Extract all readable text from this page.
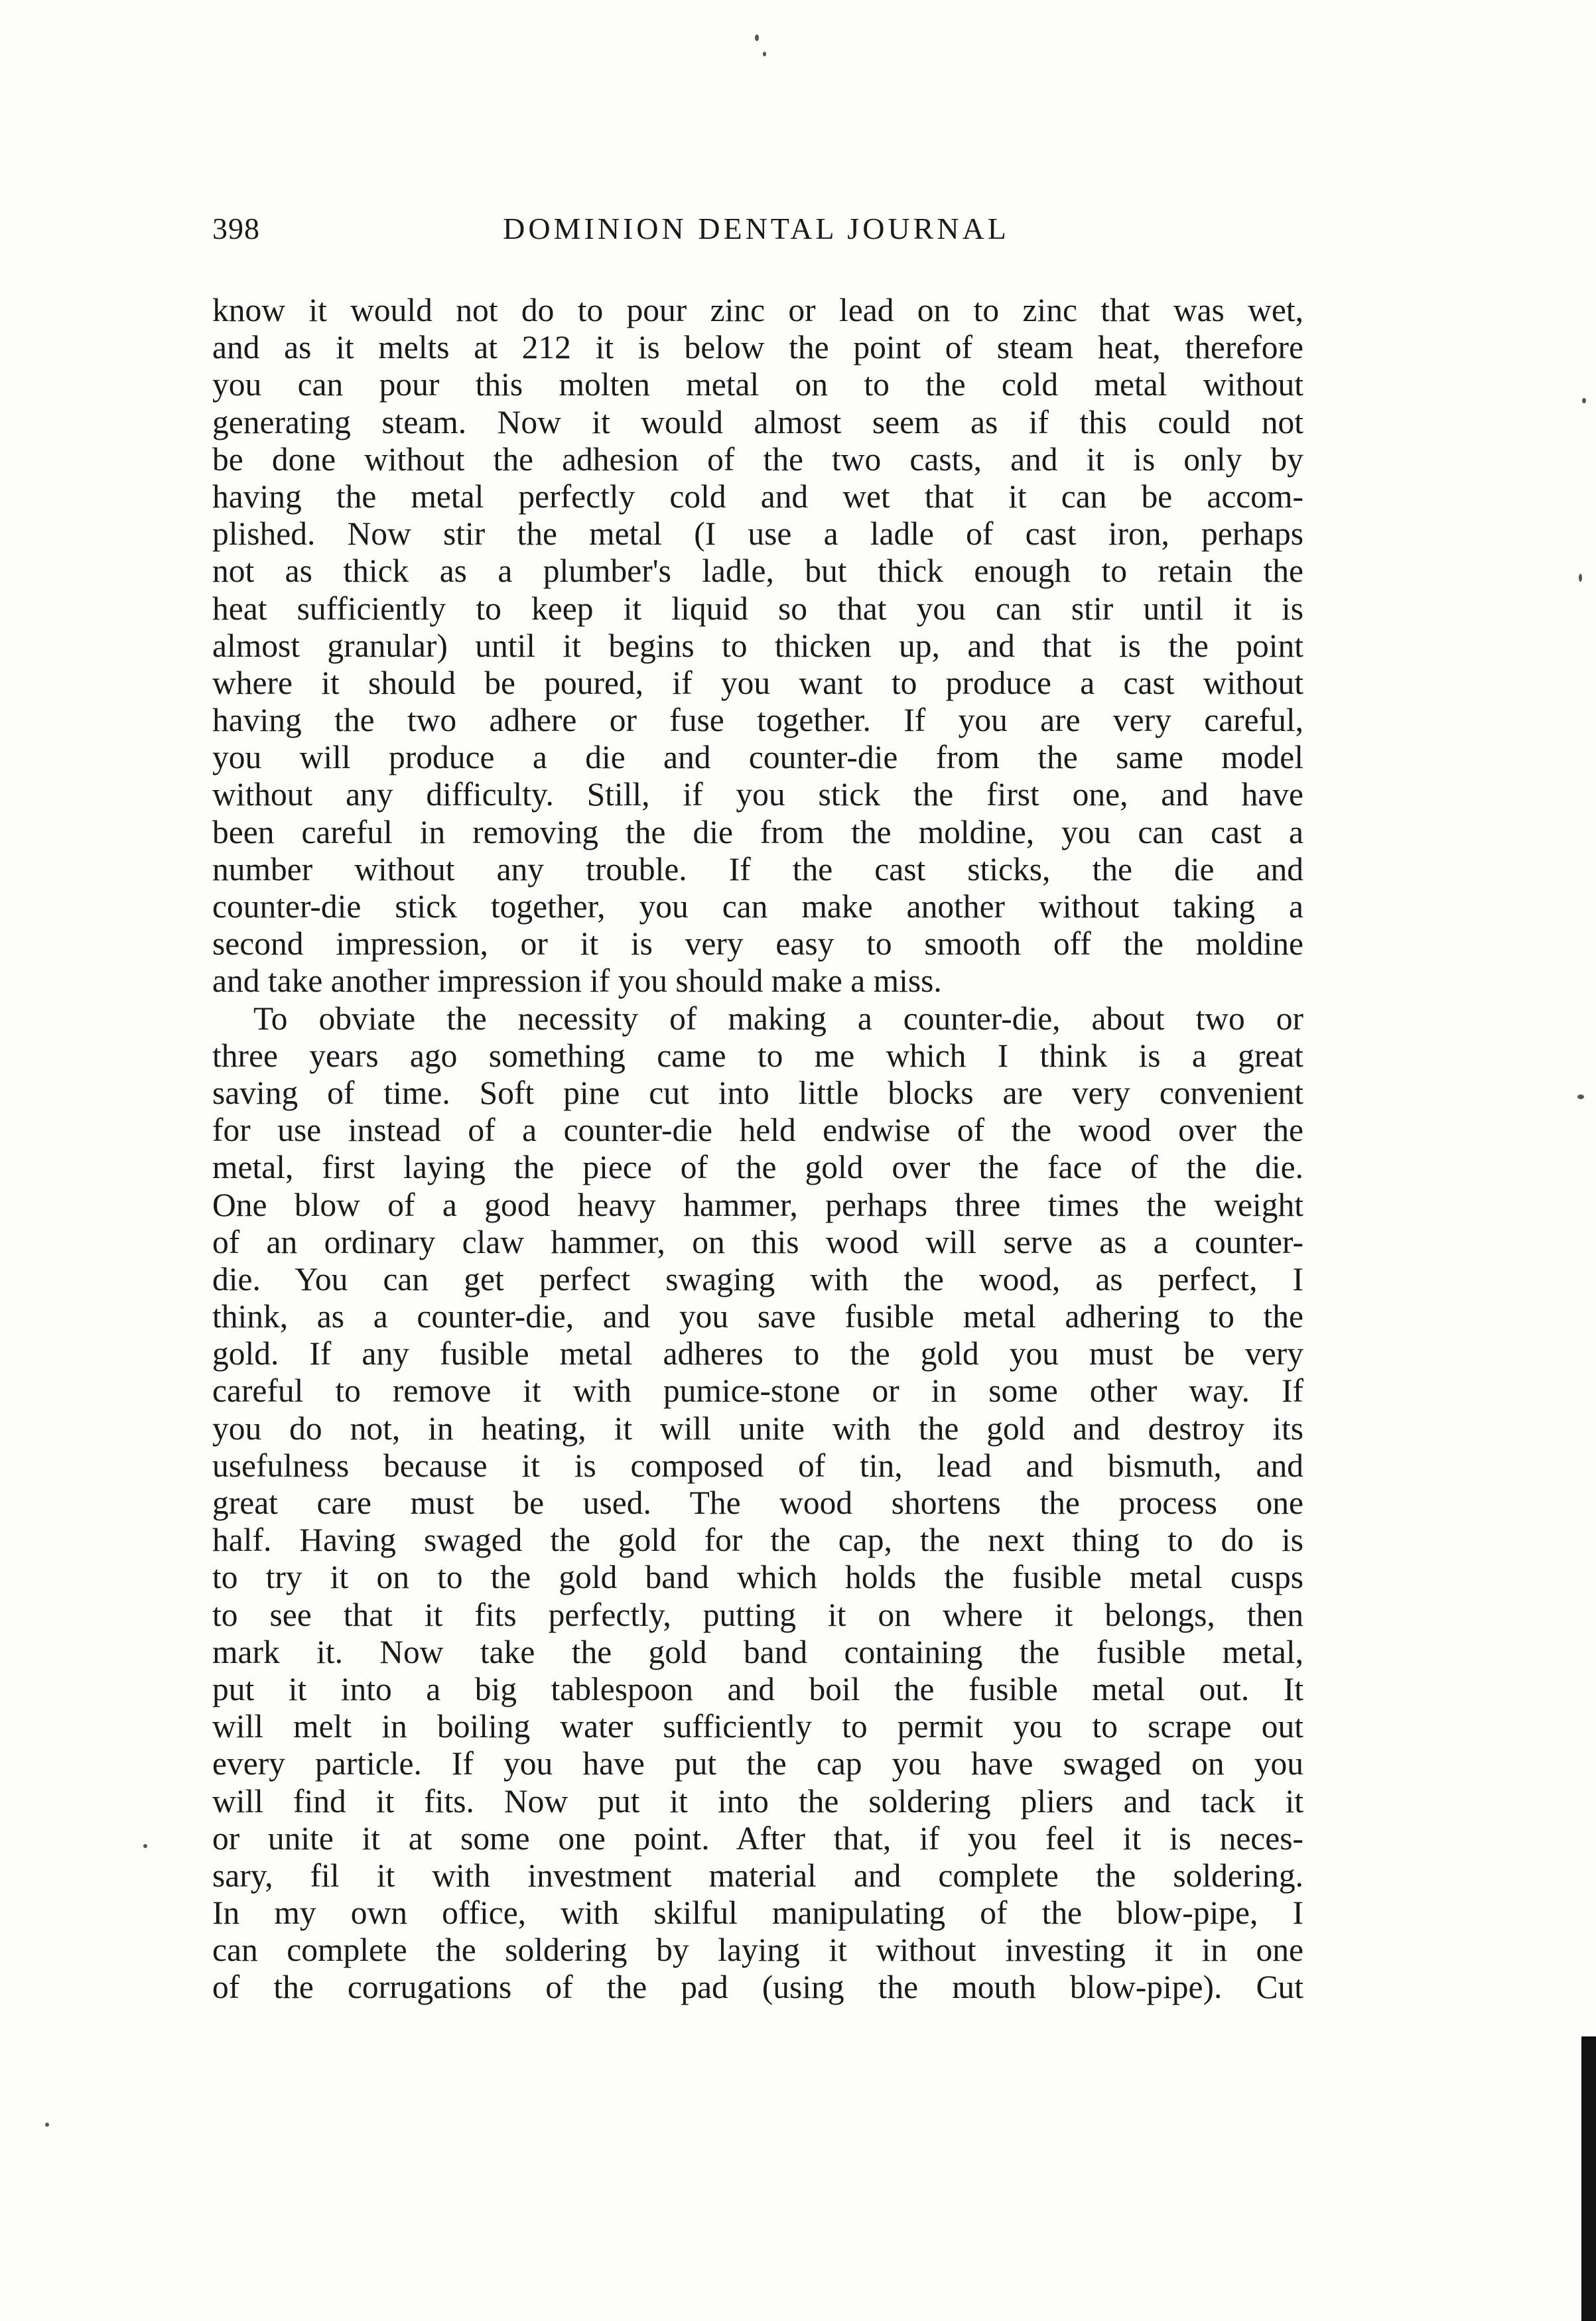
398	DOMINION DENTAL JOURNAL
know it would not do to pour zinc or lead on to zinc that was wet,
and as it melts at 212 it is below the point of steam heat, therefore
you can pour this molten metal on to the cold metal without
generating steam. Now it would almost seem as if this could not
be done without the adhesion of the two casts, and it is only by
having the metal perfectly cold and wet that it can be accom-
plished. Now stir the metal (I use a ladle of cast iron, perhaps
not as thick as a plumber's ladle, but thick enough to retain the
heat sufficiently to keep it liquid so that you can stir until it is
almost granular) until it begins to thicken up, and that is the point
where it should be poured, if you want to produce a cast without
having the two adhere or fuse together. If you are very careful,
you will produce a die and counter-die from the same model
without any difficulty. Still, if you stick the first one, and have
been careful in removing the die from the moldine, you can cast a
number without any trouble. If the cast sticks, the die and
counter-die stick together, you can make another without taking a
second impression, or it is very easy to smooth off the moldine
and take another impression if you should make a miss.
To obviate the necessity of making a counter-die, about two or
three years ago something came to me which I think is a great
saving of time. Soft pine cut into little blocks are very convenient
for use instead of a counter-die held endwise of the wood over the
metal, first laying the piece of the gold over the face of the die.
One blow of a good heavy hammer, perhaps three times the weight
of an ordinary claw hammer, on this wood will serve as a counter-
die. You can get perfect swaging with the wood, as perfect, I
think, as a counter-die, and you save fusible metal adhering to the
gold. If any fusible metal adheres to the gold you must be very
careful to remove it with pumice-stone or in some other way. If
you do not, in heating, it will unite with the gold and destroy its
usefulness because it is composed of tin, lead and bismuth, and
great care must be used. The wood shortens the process one
half. Having swaged the gold for the cap, the next thing to do is
to try it on to the gold band which holds the fusible metal cusps
to see that it fits perfectly, putting it on where it belongs, then
mark it. Now take the gold band containing the fusible metal,
put it into a big tablespoon and boil the fusible metal out. It
will melt in boiling water sufficiently to permit you to scrape out
every particle. If you have put the cap you have swaged on you
will find it fits. Now put it into the soldering pliers and tack it
or unite it at some one point. After that, if you feel it is neces-
sary, fil it with investment material and complete the soldering.
In my own office, with skilful manipulating of the blow-pipe, I
can complete the soldering by laying it without investing it in one
of the corrugations of the pad (using the mouth blow-pipe). Cut
